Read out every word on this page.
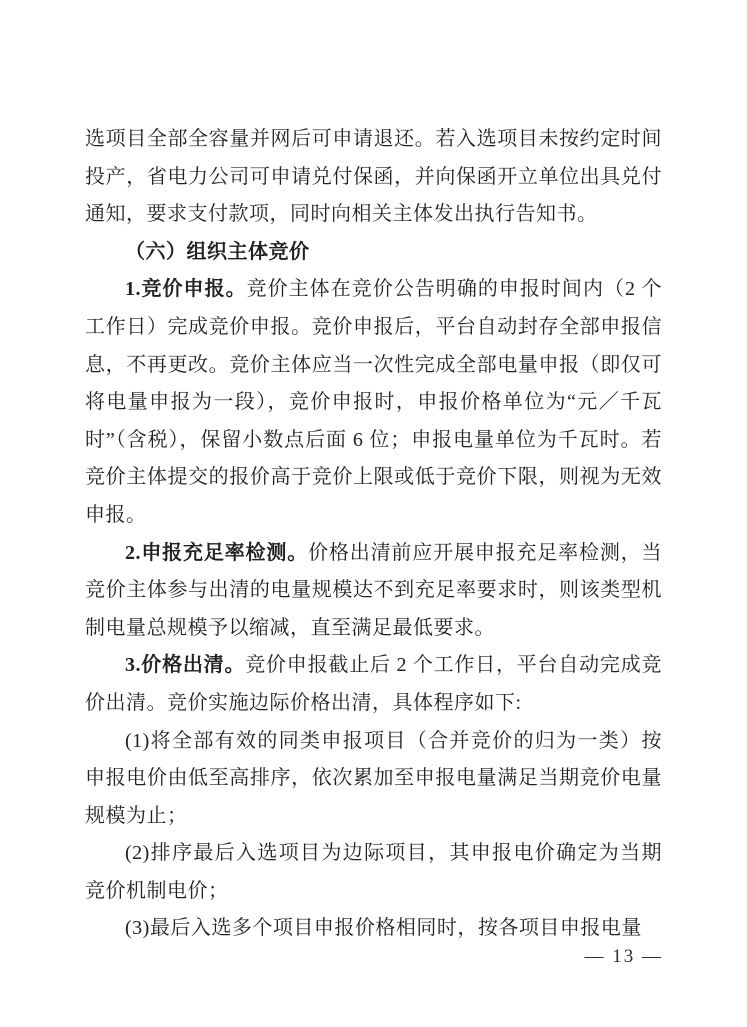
选项目全部全容量并网后可申请退还。若入选项目未按约定时间投产，省电力公司可申请兑付保函，并向保函开立单位出具兑付通知，要求支付款项，同时向相关主体发出执行告知书。

（六）组织主体竞价

1.竞价申报。竞价主体在竞价公告明确的申报时间内（2 个工作日）完成竞价申报。竞价申报后，平台自动封存全部申报信息，不再更改。竞价主体应当一次性完成全部电量申报（即仅可将电量申报为一段），竞价申报时，申报价格单位为“元／千瓦时”（含税），保留小数点后面 6 位；申报电量单位为千瓦时。若竞价主体提交的报价高于竞价上限或低于竞价下限，则视为无效申报。

2.申报充足率检测。价格出清前应开展申报充足率检测，当竞价主体参与出清的电量规模达不到充足率要求时，则该类型机制电量总规模予以缩减，直至满足最低要求。

3.价格出清。竞价申报截止后 2 个工作日，平台自动完成竞价出清。竞价实施边际价格出清，具体程序如下:

(1)将全部有效的同类申报项目（合并竞价的归为一类）按申报电价由低至高排序，依次累加至申报电量满足当期竞价电量规模为止；

(2)排序最后入选项目为边际项目，其申报电价确定为当期竞价机制电价；

(3)最后入选多个项目申报价格相同时，按各项目申报电量

— 13 —
